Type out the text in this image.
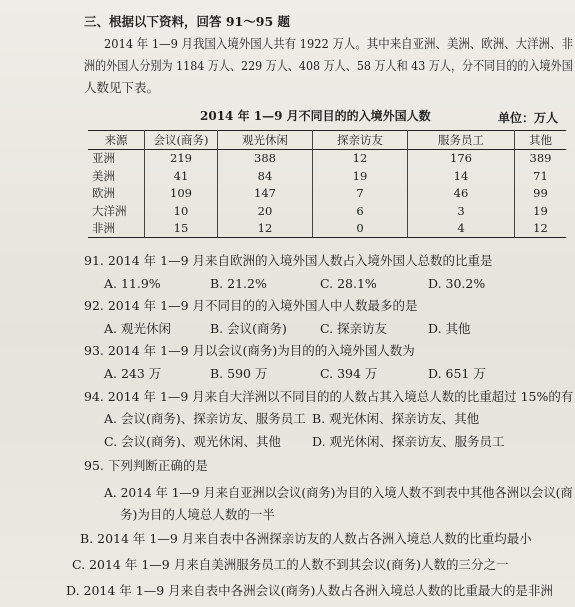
三、根据以下资料，回答 91～95 题
2014 年 1—9 月我国入境外国人共有 1922 万人。其中来自亚洲、美洲、欧洲、大洋洲、非
洲的外国人分别为 1184 万人、229 万人、408 万人、58 万人和 43 万人，分不同目的的入境外国
人数见下表。
2014 年 1—9 月不同目的的入境外国人数	单位：万人
来源	会议(商务)	观光休闲	探亲访友	服务员工	其他
亚洲	219	388	12	176	389
美洲	41	84	19	14	71
欧洲	109	147	7	46	99
大洋洲	10	20	6	3	19
非洲	15	12	0	4	12
91. 2014 年 1—9 月来自欧洲的入境外国人数占入境外国人总数的比重是
A. 11.9%	B. 21.2%	C. 28.1%	D. 30.2%
92. 2014 年 1—9 月不同目的的入境外国人中人数最多的是
A. 观光休闲	B. 会议(商务)	C. 探亲访友	D. 其他
93. 2014 年 1—9 月以会议(商务)为目的的入境外国人数为
A. 243 万	B. 590 万	C. 394 万	D. 651 万
94. 2014 年 1—9 月来自大洋洲以不同目的的人数占其入境总人数的比重超过 15%的有
A. 会议(商务)、探亲访友、服务员工 B. 观光休闲、探亲访友、其他
C. 会议(商务)、观光休闲、其他 D. 观光休闲、探亲访友、服务员工
95. 下列判断正确的是
A. 2014 年 1—9 月来自亚洲以会议(商务)为目的入境人数不到表中其他各洲以会议(商
务)为目的人境总人数的一半
B. 2014 年 1—9 月来自表中各洲探亲访友的人数占各洲入境总人数的比重均最小
C. 2014 年 1—9 月来自美洲服务员工的人数不到其会议(商务)人数的三分之一
D. 2014 年 1—9 月来自表中各洲会议(商务)人数占各洲入境总人数的比重最大的是非洲
